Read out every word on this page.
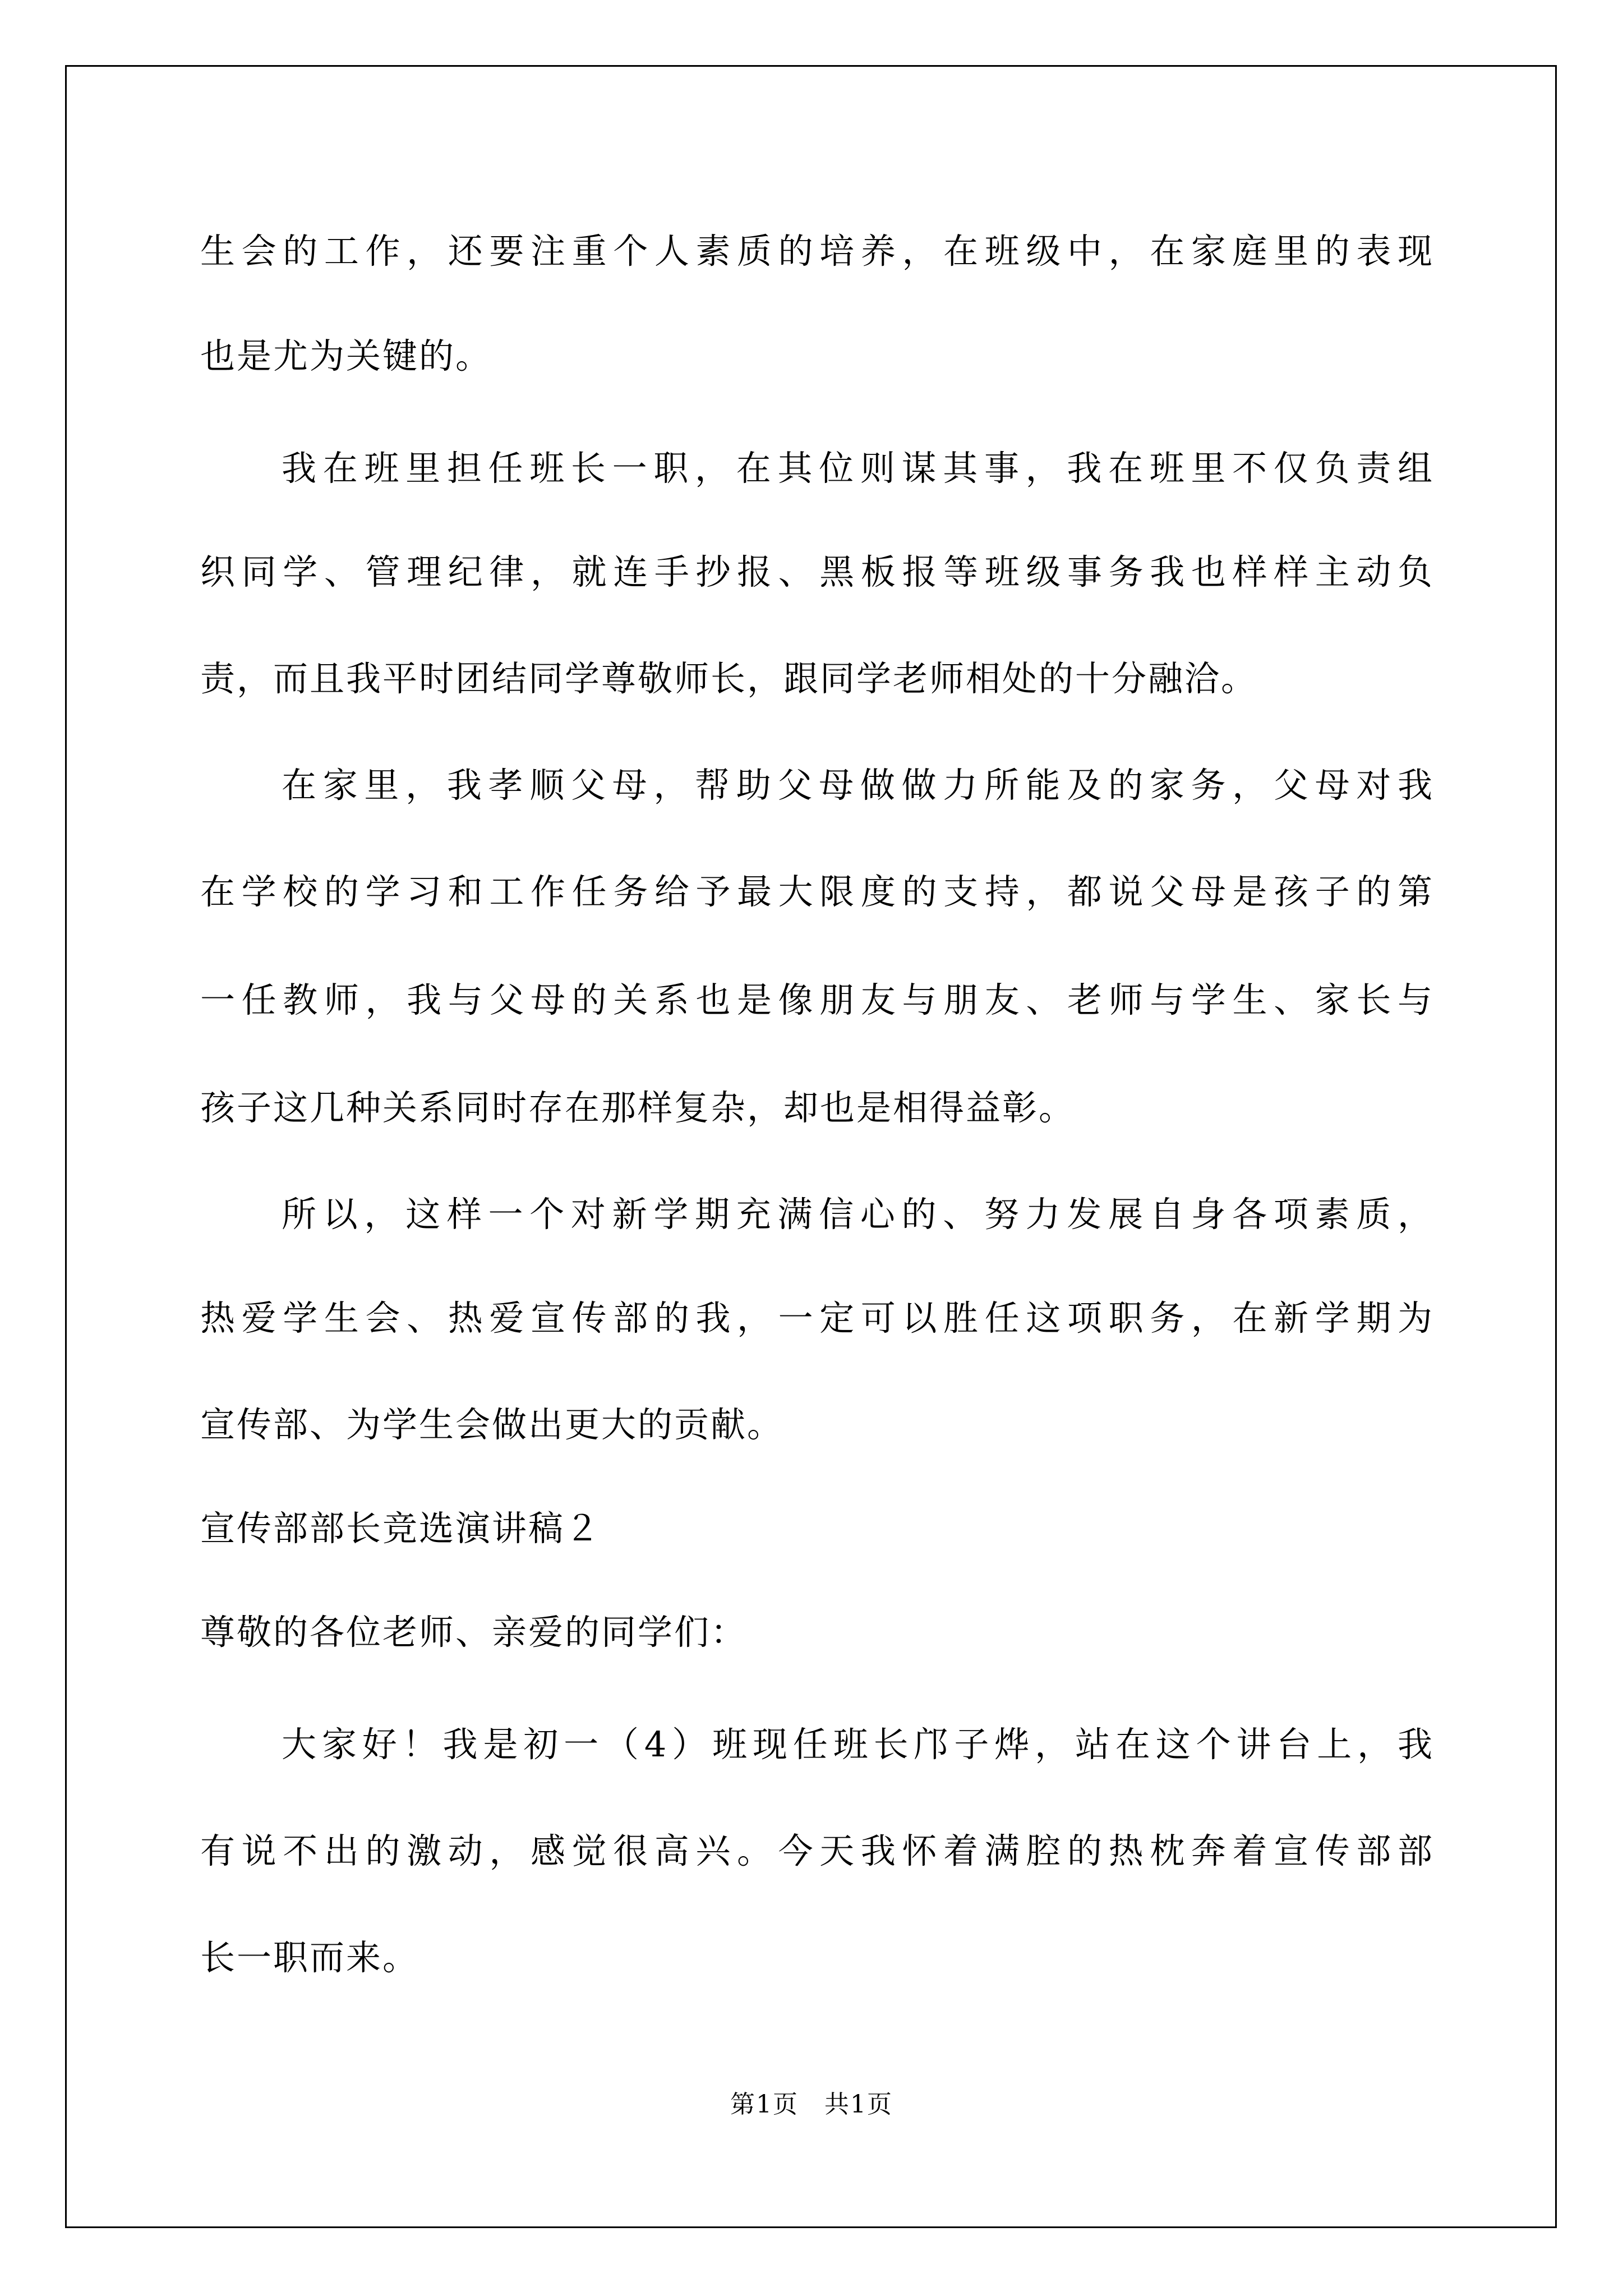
生会的工作，还要注重个人素质的培养，在班级中，在家庭里的表现
也是尤为关键的。
我在班里担任班长一职，在其位则谋其事，我在班里不仅负责组
织同学、管理纪律，就连手抄报、黑板报等班级事务我也样样主动负
责，而且我平时团结同学尊敬师长，跟同学老师相处的十分融洽。
在家里，我孝顺父母，帮助父母做做力所能及的家务，父母对我
在学校的学习和工作任务给予最大限度的支持，都说父母是孩子的第
一任教师，我与父母的关系也是像朋友与朋友、老师与学生、家长与
孩子这几种关系同时存在那样复杂，却也是相得益彰。
所以，这样一个对新学期充满信心的、努力发展自身各项素质，
热爱学生会、热爱宣传部的我，一定可以胜任这项职务，在新学期为
宣传部、为学生会做出更大的贡献。
宣传部部长竞选演讲稿２
尊敬的各位老师、亲爱的同学们：
大家好！我是初一（4）班现任班长邝子烨，站在这个讲台上，我
有说不出的激动，感觉很高兴。今天我怀着满腔的热枕奔着宣传部部
长一职而来。
第1页　共1页
